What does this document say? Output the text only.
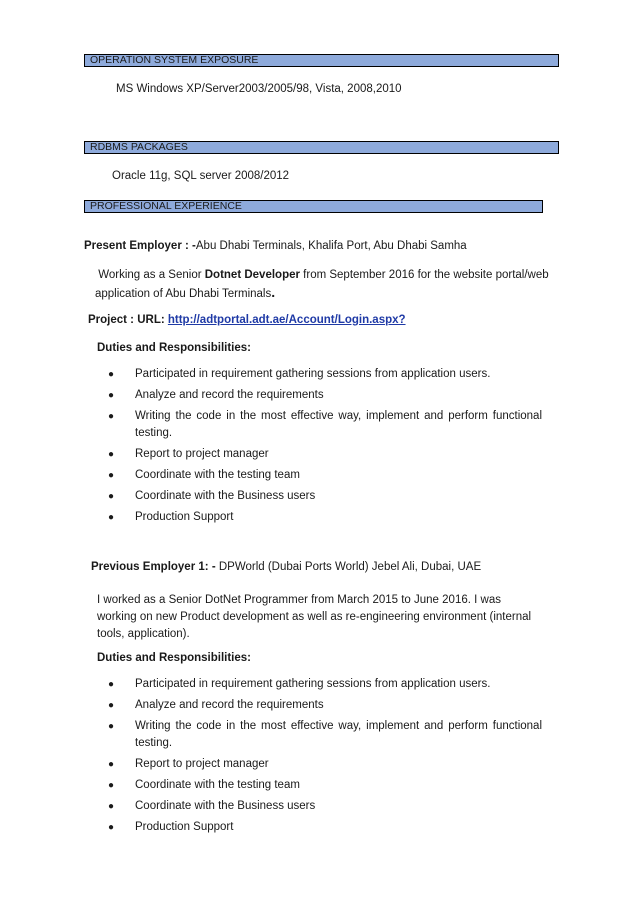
OPERATION SYSTEM EXPOSURE
MS Windows XP/Server2003/2005/98, Vista, 2008,2010
RDBMS PACKAGES
Oracle 11g, SQL server 2008/2012
PROFESSIONAL EXPERIENCE
Present Employer : -Abu Dhabi Terminals, Khalifa Port, Abu Dhabi Samha
Working as a Senior Dotnet Developer from September 2016 for the website portal/web
application of Abu Dhabi Terminals.
Project : URL: http://adtportal.adt.ae/Account/Login.aspx?
Duties and Responsibilities:
● Participated in requirement gathering sessions from application users.
● Analyze and record the requirements
● Writing the code in the most effective way, implement and perform functional testing.
● Report to project manager
● Coordinate with the testing team
● Coordinate with the Business users
● Production Support
Previous Employer 1: - DPWorld (Dubai Ports World) Jebel Ali, Dubai, UAE
I worked as a Senior DotNet Programmer from March 2015 to June 2016. I was working on new Product development as well as re-engineering environment (internal tools, application).
Duties and Responsibilities:
● Participated in requirement gathering sessions from application users.
● Analyze and record the requirements
● Writing the code in the most effective way, implement and perform functional testing.
● Report to project manager
● Coordinate with the testing team
● Coordinate with the Business users
● Production Support
